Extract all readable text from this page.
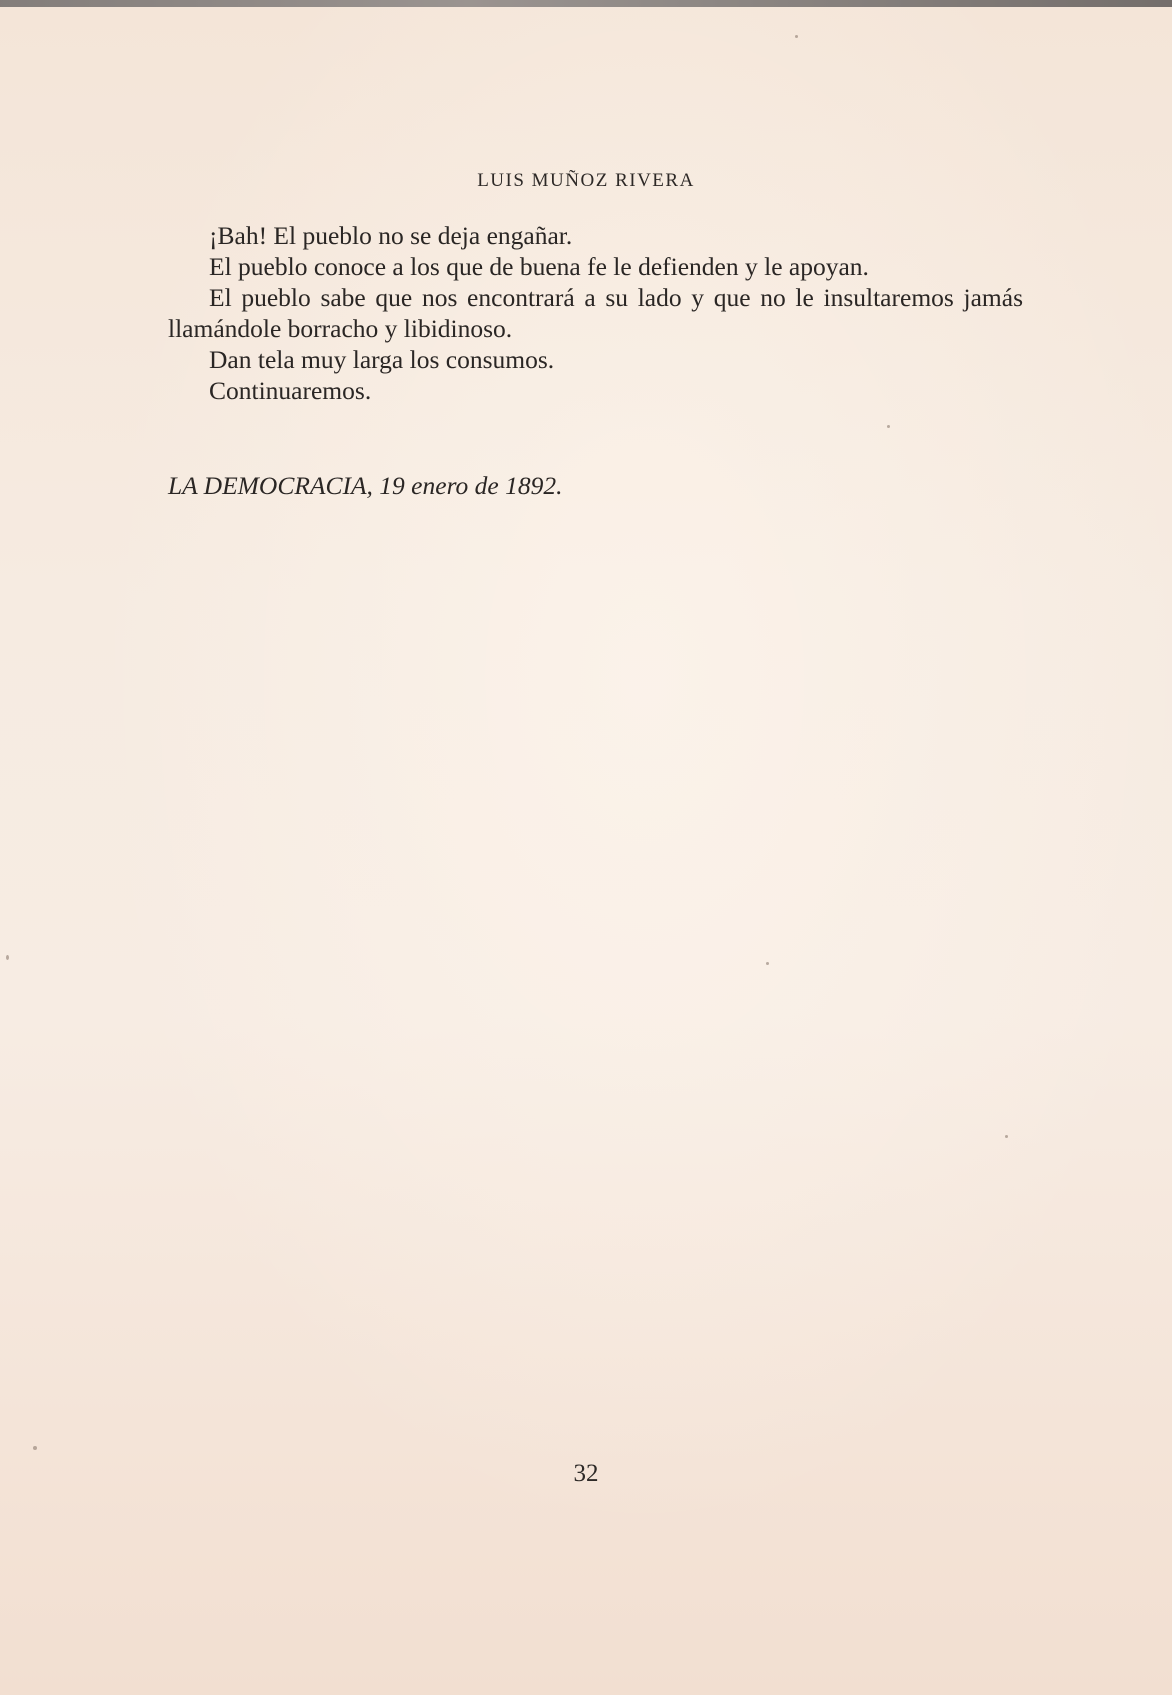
LUIS MUÑOZ RIVERA

¡Bah! El pueblo no se deja engañar.

El pueblo conoce a los que de buena fe le defienden y le apoyan.

El pueblo sabe que nos encontrará a su lado y que no le insultaremos jamás llamándole borracho y libidinoso.

Dan tela muy larga los consumos.

Continuaremos.

LA DEMOCRACIA, 19 enero de 1892.
32
